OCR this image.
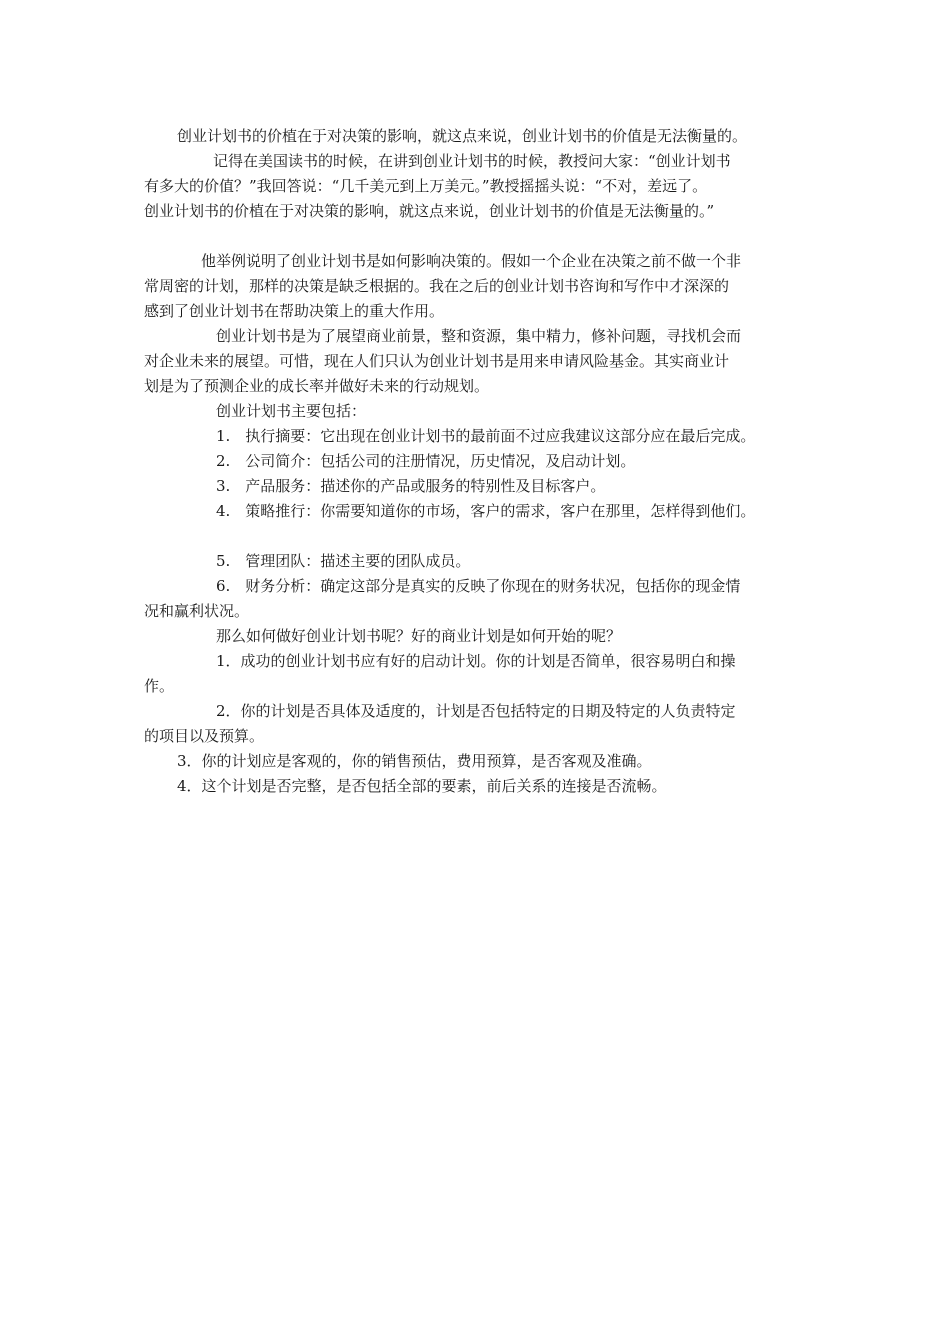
创业计划书的价植在于对决策的影响，就这点来说，创业计划书的价值是无法衡量的。
记得在美国读书的时候，在讲到创业计划书的时候，教授问大家：“创业计划书
有多大的价值？”我回答说：“几千美元到上万美元。”教授摇摇头说：“不对，差远了。
创业计划书的价植在于对决策的影响，就这点来说，创业计划书的价值是无法衡量的。”
他举例说明了创业计划书是如何影响决策的。假如一个企业在决策之前不做一个非
常周密的计划，那样的决策是缺乏根据的。我在之后的创业计划书咨询和写作中才深深的
感到了创业计划书在帮助决策上的重大作用。
创业计划书是为了展望商业前景，整和资源，集中精力，修补问题，寻找机会而
对企业未来的展望。可惜，现在人们只认为创业计划书是用来申请风险基金。其实商业计
划是为了预测企业的成长率并做好未来的行动规划。
创业计划书主要包括：
1.　执行摘要：它出现在创业计划书的最前面不过应我建议这部分应在最后完成。
2.　公司简介：包括公司的注册情况，历史情况，及启动计划。
3.　产品服务：描述你的产品或服务的特别性及目标客户。
4.　策略推行：你需要知道你的市场，客户的需求，客户在那里，怎样得到他们。
5.　管理团队：描述主要的团队成员。
6.　财务分析：确定这部分是真实的反映了你现在的财务状况，包括你的现金情
况和赢利状况。
那么如何做好创业计划书呢？好的商业计划是如何开始的呢？
1．成功的创业计划书应有好的启动计划。你的计划是否简单，很容易明白和操
作。
2．你的计划是否具体及适度的，计划是否包括特定的日期及特定的人负责特定
的项目以及预算。
3．你的计划应是客观的，你的销售预估，费用预算，是否客观及准确。
4．这个计划是否完整，是否包括全部的要素，前后关系的连接是否流畅。
